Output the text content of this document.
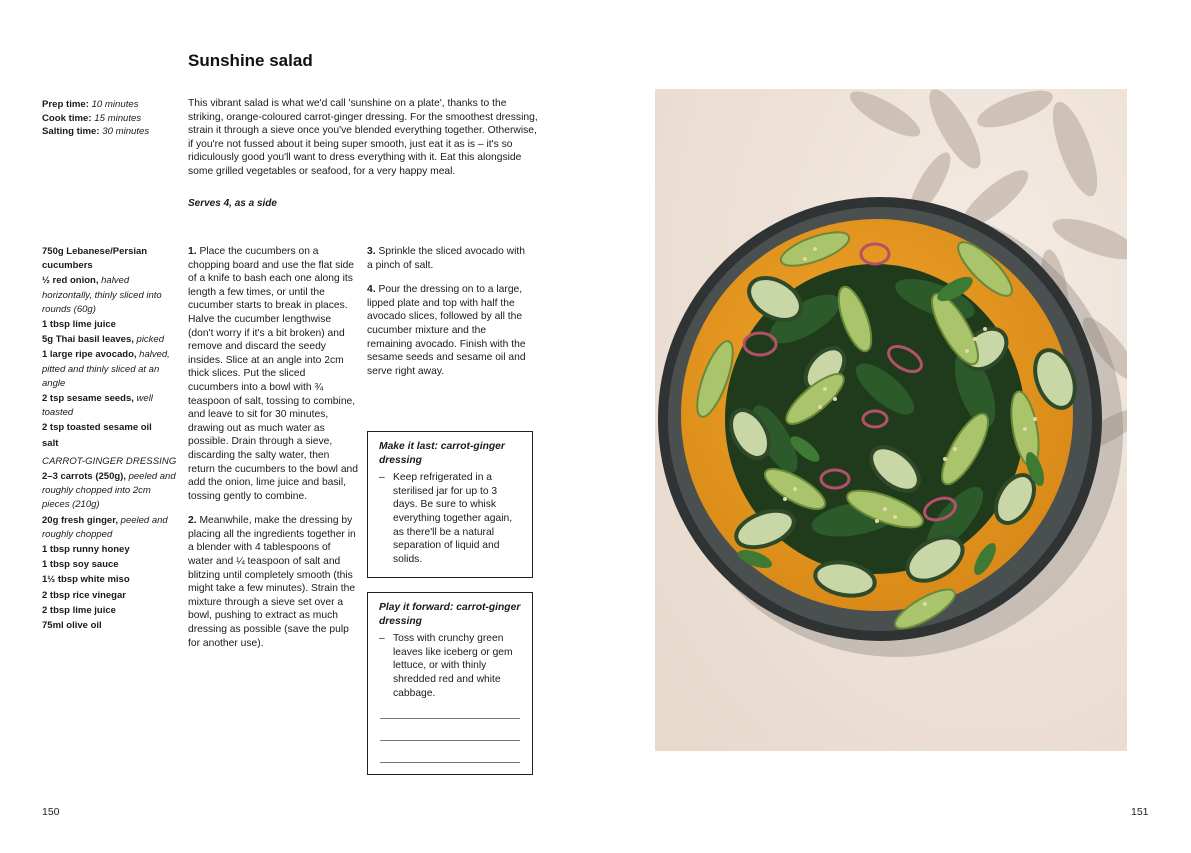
Sunshine salad
Prep time: 10 minutes
Cook time: 15 minutes
Salting time: 30 minutes
This vibrant salad is what we'd call 'sunshine on a plate', thanks to the striking, orange-coloured carrot-ginger dressing. For the smoothest dressing, strain it through a sieve once you've blended everything together. Otherwise, if you're not fussed about it being super smooth, just eat it as is – it's so ridiculously good you'll want to dress everything with it. Eat this alongside some grilled vegetables or seafood, for a very happy meal.
Serves 4, as a side
750g Lebanese/Persian cucumbers
½ red onion, halved horizontally, thinly sliced into rounds (60g)
1 tbsp lime juice
5g Thai basil leaves, picked
1 large ripe avocado, halved, pitted and thinly sliced at an angle
2 tsp sesame seeds, well toasted
2 tsp toasted sesame oil
salt
CARROT-GINGER DRESSING
2–3 carrots (250g), peeled and roughly chopped into 2cm pieces (210g)
20g fresh ginger, peeled and roughly chopped
1 tbsp runny honey
1 tbsp soy sauce
1½ tbsp white miso
2 tbsp rice vinegar
2 tbsp lime juice
75ml olive oil

1. Place the cucumbers on a chopping board and use the flat side of a knife to bash each one along its length a few times, or until the cucumber starts to break in places. Halve the cucumber lengthwise (don't worry if it's a bit broken) and remove and discard the seedy insides. Slice at an angle into 2cm thick slices. Put the sliced cucumbers into a bowl with ¾ teaspoon of salt, tossing to combine, and leave to sit for 30 minutes, drawing out as much water as possible. Drain through a sieve, discarding the salty water, then return the cucumbers to the bowl and add the onion, lime juice and basil, tossing gently to combine.

2. Meanwhile, make the dressing by placing all the ingredients together in a blender with 4 tablespoons of water and ¼ teaspoon of salt and blitzing until completely smooth (this might take a few minutes). Strain the mixture through a sieve set over a bowl, pushing to extract as much dressing as possible (save the pulp for another use).

3. Sprinkle the sliced avocado with a pinch of salt.

4. Pour the dressing on to a large, lipped plate and top with half the avocado slices, followed by all the cucumber mixture and the remaining avocado. Finish with the sesame seeds and sesame oil and serve right away.

Make it last: carrot-ginger dressing
– Keep refrigerated in a sterilised jar for up to 3 days. Be sure to whisk everything together again, as there'll be a natural separation of liquid and solids.
Play it forward: carrot-ginger dressing
– Toss with crunchy green leaves like iceberg or gem lettuce, or with thinly shredded red and white cabbage.
150	151
